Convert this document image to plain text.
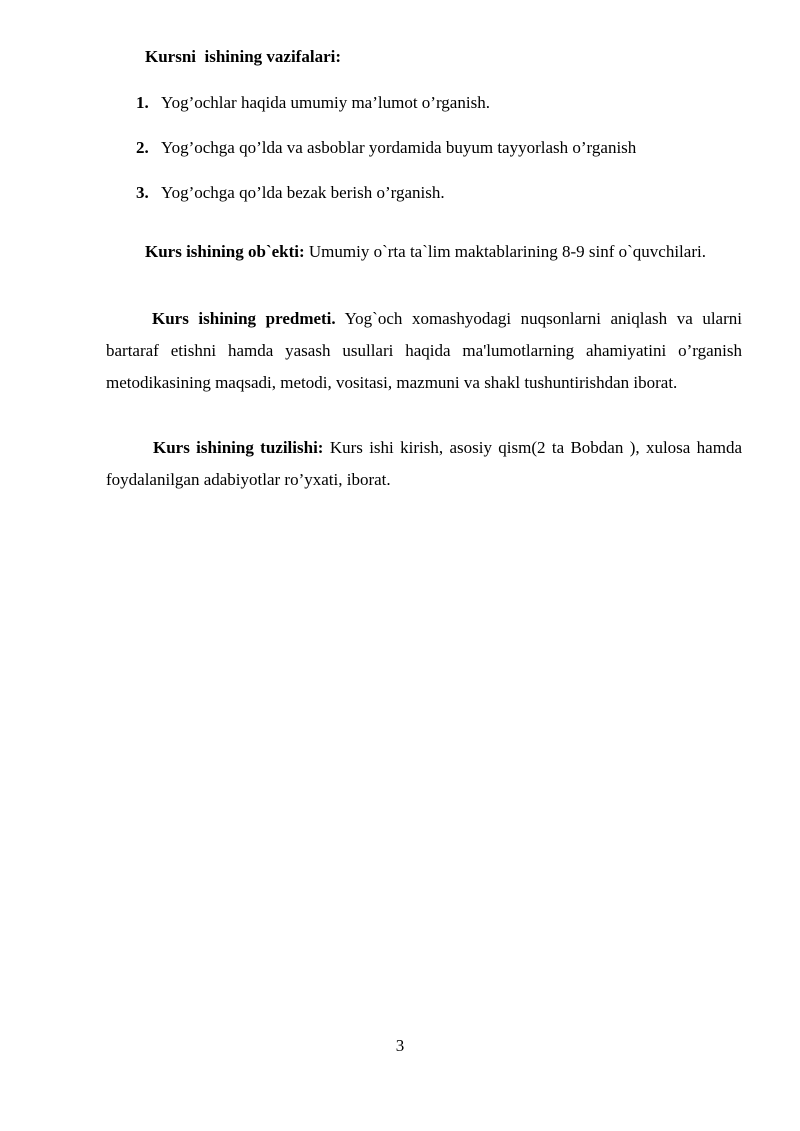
Kursni  ishining vazifalari:
1. Yog’ochlar haqida umumiy ma’lumot o’rganish.
2. Yog’ochga qo’lda va asboblar yordamida buyum tayyorlash o’rganish
3. Yog’ochga qo’lda bezak berish o’rganish.

Kurs ishining ob`ekti: Umumiy o`rta ta`lim maktablarining 8-9 sinf o`quvchilari.

Kurs ishining predmeti. Yog`och xomashyodagi nuqsonlarni aniqlash va ularni bartaraf etishni hamda yasash usullari haqida ma'lumotlarning ahamiyatini o’rganish metodikasining maqsadi, metodi, vositasi, mazmuni va shakl tushuntirishdan iborat.

Kurs ishining tuzilishi: Kurs ishi kirish, asosiy qism(2 ta Bobdan ), xulosa hamda foydalanilgan adabiyotlar ro’yxati, iborat.

3
